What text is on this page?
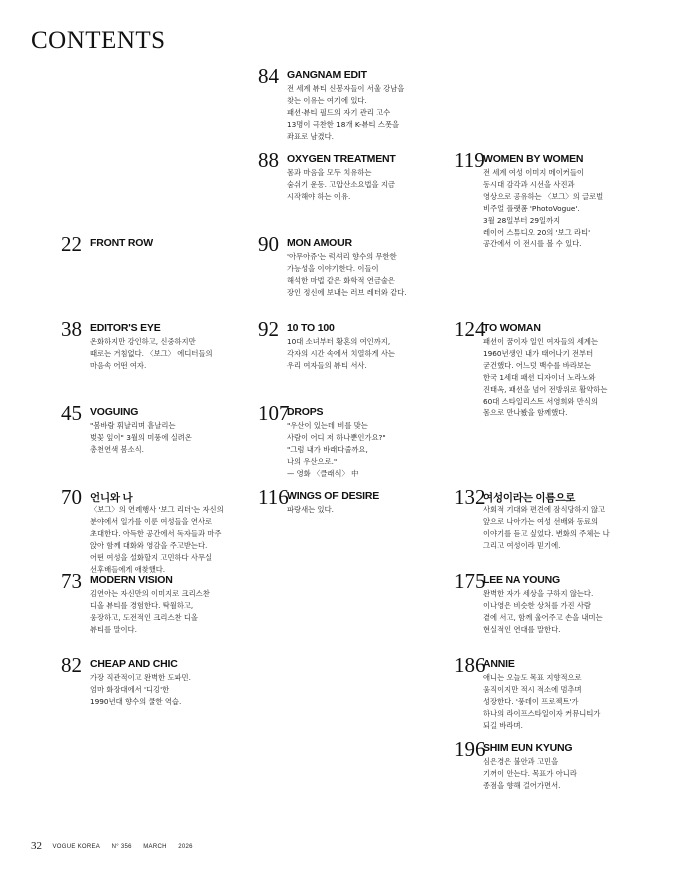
CONTENTS
84 GANGNAM EDIT
전 세계 뷰티 신봉자들이 서울 강남을
찾는 이유는 여기에 있다.
패션·뷰티 필드의 자기 관리 고수
13명이 극찬한 18개 K-뷰티 스폿을
좌표로 남겼다.
88 OXYGEN TREATMENT
몸과 마음을 모두 치유하는
숨쉬기 운동. 고압산소요법을 지금
시작해야 하는 이유.
119
WOMEN BY WOMEN
전 세계 여성 이미지 메이커들이
동시대 감각과 시선을 사진과
영상으로 공유하는 〈보그〉의 글로벌
비주얼 플랫폼 'PhotoVogue'.
3월 28일부터 29일까지
레이어 스튜디오 20의 '보그 라티'
공간에서 이 전시를 볼 수 있다.
22 FRONT ROW	90 MON AMOUR
'아무아쥬'는 럭셔리 향수의 무한한
가능성을 이야기한다. 이들이
해석한 마법 같은 화학적 연금술은
장인 정신에 보내는 러브 레터와 같다.
38 EDITOR'S EYE
온화하지만 강인하고, 신중하지만
때로는 거침없다. 〈보그〉 에디터들의
마음속 어떤 여자.
92 10 TO 100
10대 소녀부터 황혼의 여인까지,
각자의 시간 속에서 치열하게 사는
우리 여자들의 뷰티 서사.
124
TO WOMAN
패션이 꿈이자 일인 여자들의 세계는
1960년생인 내가 태어나기 전부터
굳건했다. 어느덧 백수를 바라보는
한국 1세대 패션 디자이너 노라노와
진태옥, 패션을 넘어 전방위로 활약하는
60대 스타일리스트 서영희와 만식의
몸으로 만나봤을 함께했다.
45 VOGUING
"봄바람 휘날리며 흩날리는
벚꽃 잎이" 3월의 미풍에 실려온
총천연색 봄소식.
107
DROPS
"우산이 있는데 비를 맞는
사람이 어디 저 하나뿐인가요?"
"그럼 내가 바래다줄까요,
나의 우산으로."
— 영화 〈클래식〉 中
70 언니와 나
〈보그〉의 연례행사 '보그 리더'는 자신의
분야에서 일가를 이룬 여성들을 연사로
초대한다. 아득한 공간에서 독자들과 마주
앉아 함께 대화와 영감을 주고받는다.
어떤 여성을 설화할지 고민하다 사무실
선후배들에게 애찾했다.
116
WINGS OF DESIRE
파랑새는 있다.
132
여성이라는 이름으로
사회적 기대와 편견에 잠식당하지 않고
앞으로 나아가는 여성 선배와 동료의
이야기를 듣고 싶었다. 변화의 주체는 나
그리고 여성이라 믿기에.
73 MODERN VISION
김연아는 자신만의 이미지로 크리스찬
디올 뷰티를 경험한다. 탁월하고,
웅장하고, 도전적인 크리스찬 디올
뷰티를 말이다.
175
LEE NA YOUNG
완벽한 자가 세상을 구하지 않는다.
이나영은 비슷한 상처를 가진 사람
곁에 서고, 함께 울어주고 손을 내미는
현실적인 연대를 말한다.
82 CHEAP AND CHIC
가장 직관적이고 완벽한 도파민.
엄마 화장대에서 '디깅'한
1990년대 향수의 쿨한 역습.
186
ANNIE
애니는 오늘도 목표 지향적으로
움직이지만 적시 적소에 멈추며
성장한다. '풍데이 프로젝트'가
하나의 라이프스타일이자 커뮤니티가
되길 바라며.
196
SHIM EUN KYUNG
심은경은 불안과 고민을
기꺼이 안는다. 목표가 아니라
종점을 향해 걸어가면서.
32 VOGUE KOREA N° 356 MARCH 2026
